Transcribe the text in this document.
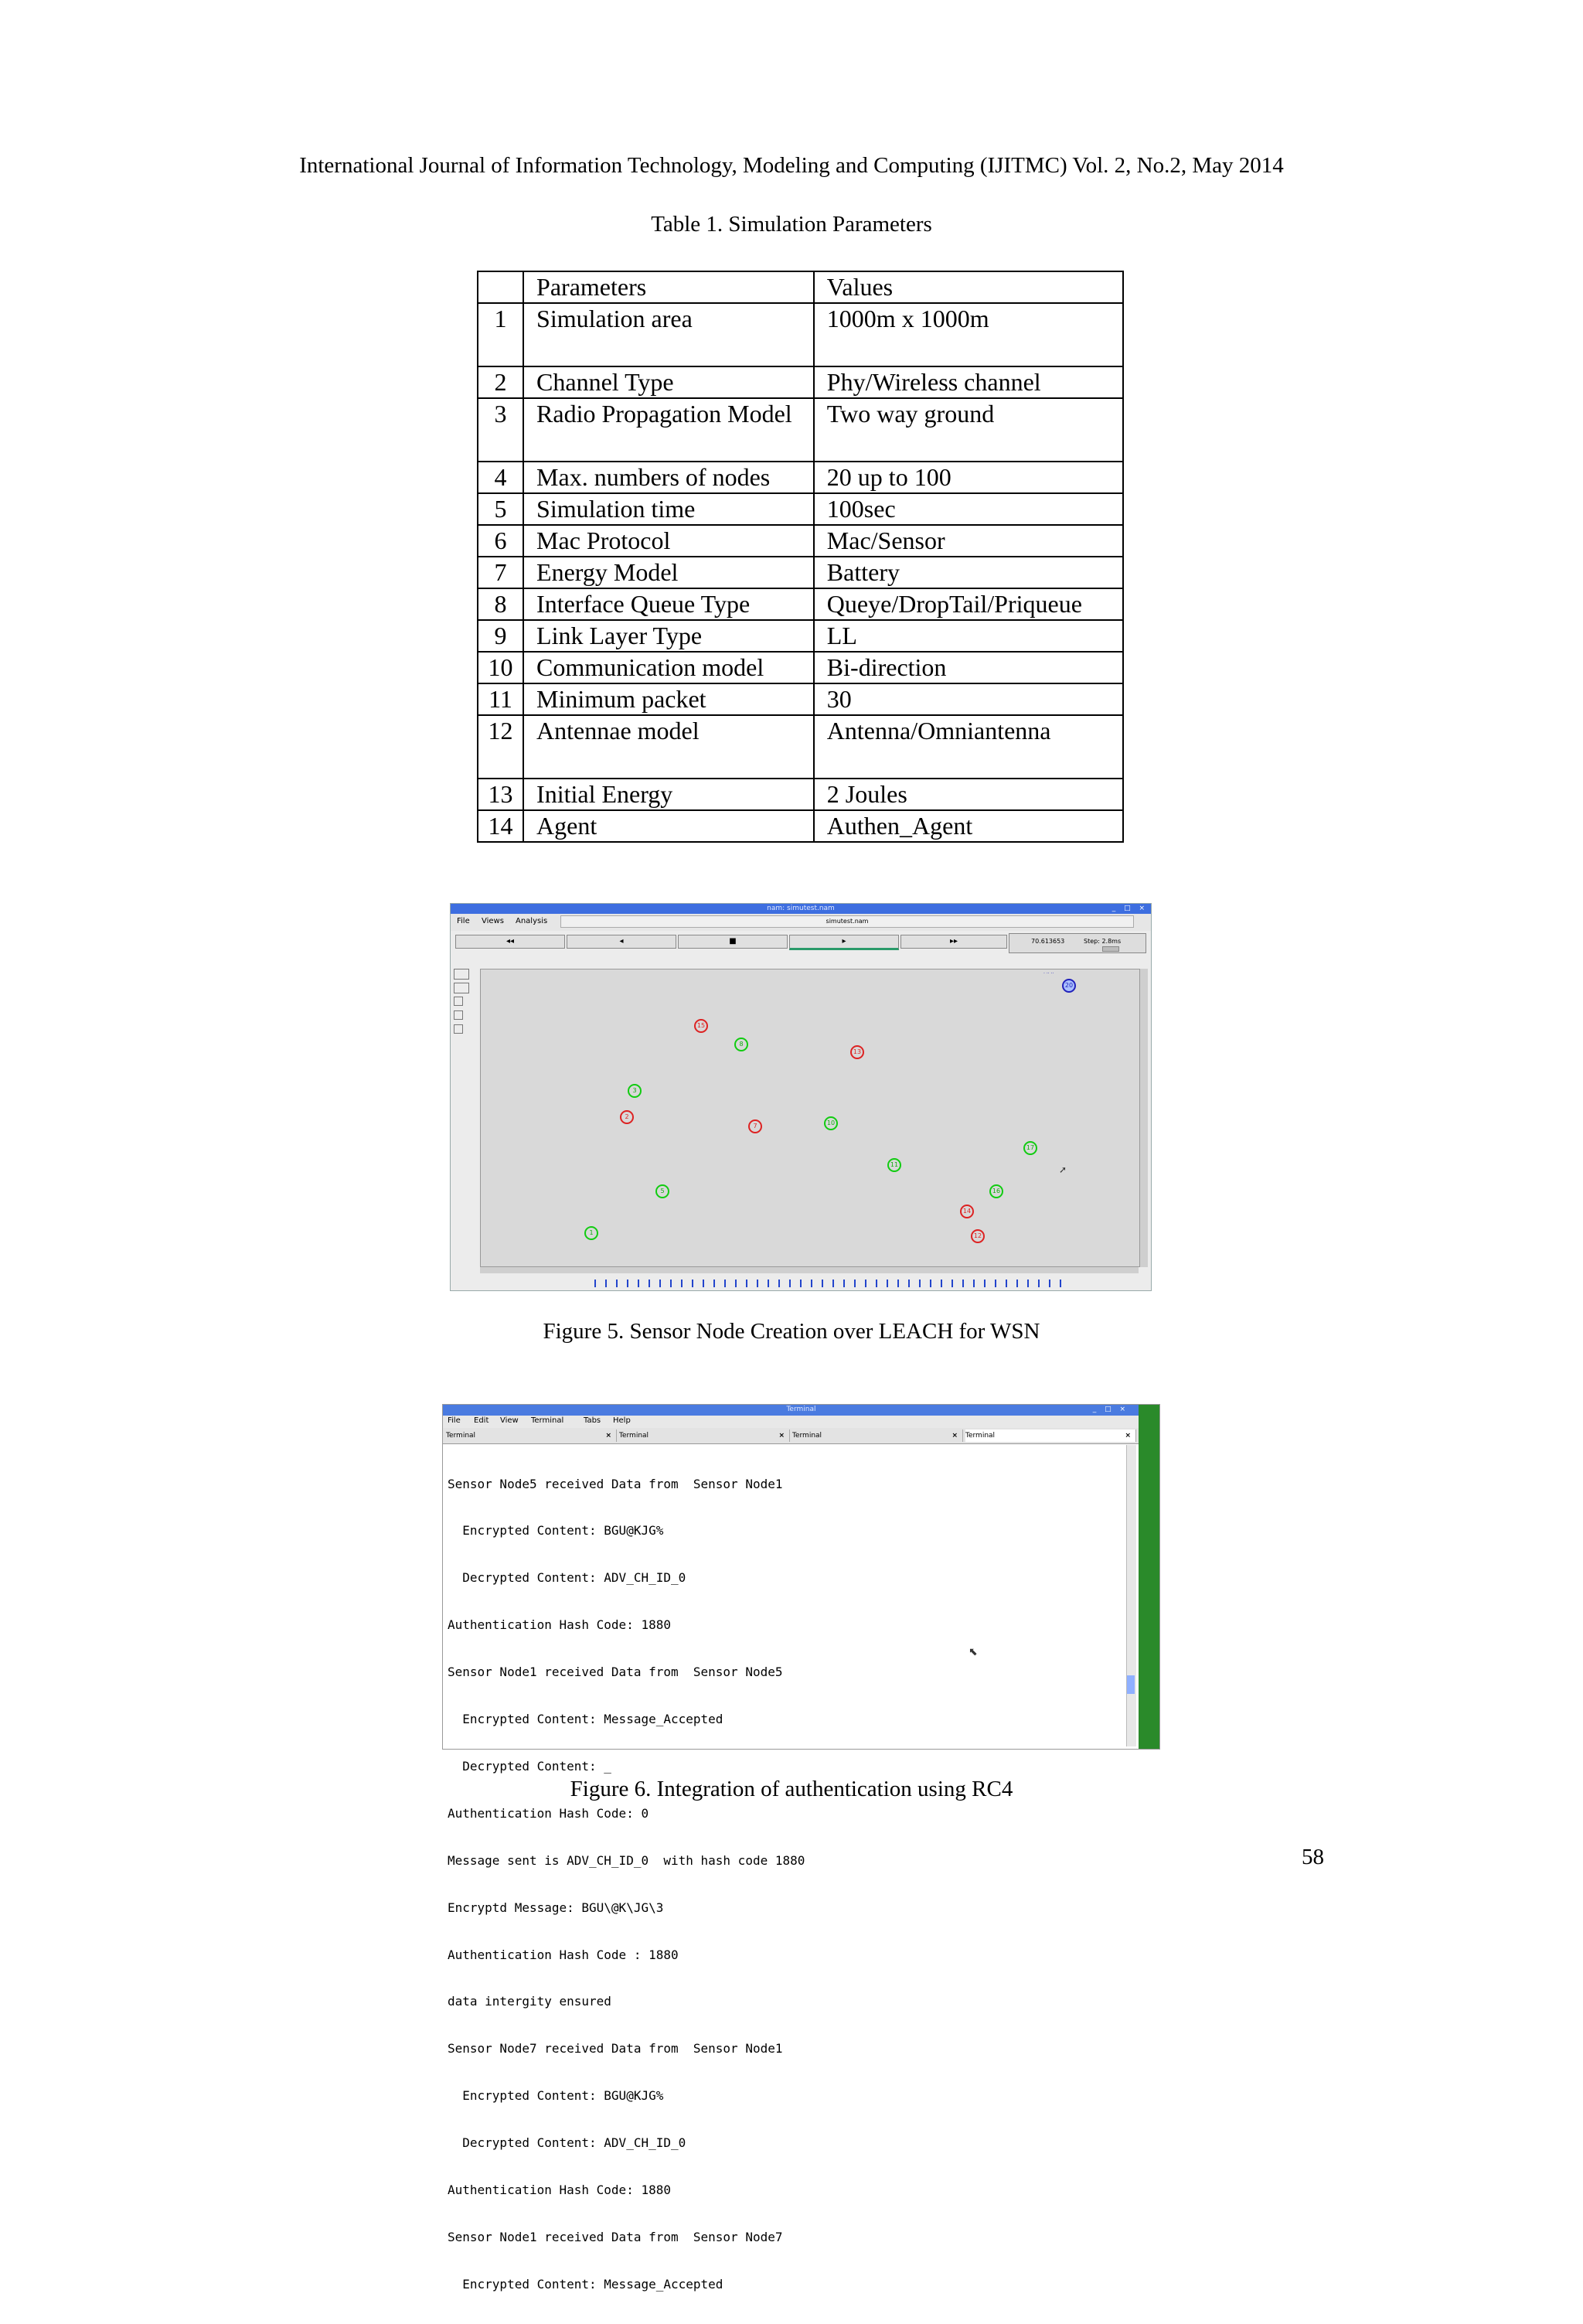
International Journal of Information Technology, Modeling and Computing (IJITMC) Vol. 2, No.2, May 2014
Table 1. Simulation Parameters
	Parameters	Values
1	Simulation area	1000m x 1000m
2	Channel Type	Phy/Wireless channel
3	Radio Propagation Model	Two way ground
4	Max. numbers of nodes	20 up to 100
5	Simulation time	100sec
6	Mac Protocol	Mac/Sensor
7	Energy Model	Battery
8	Interface Queue Type	Queye/DropTail/Priqueue
9	Link Layer Type	LL
10	Communication model	Bi-direction
11	Minimum packet	30
12	Antennae model	Antenna/Omniantenna
13	Initial Energy	2 Joules
14	Agent	Authen_Agent
nam: simutest.nam	_ □ ×
File Views Analysis	simutest.nam
◂◂	◂	■	▸	▸▸	70.613653	Step: 2.8ms
· ·· ··
20
15
8
13
3
2
7	10
17
11
5	16
14
12
1
➚
Figure 5. Sensor Node Creation over LEACH for WSN
Terminal	_ □ ×
File Edit View Terminal	Tabs Help
Terminal	× Terminal	× Terminal	× Terminal	×

Sensor Node5 received Data from  Sensor Node1

Encrypted Content: BGU@KJG%

Decrypted Content: ADV_CH_ID_0

Authentication Hash Code: 1880

Sensor Node1 received Data from  Sensor Node5

Encrypted Content: Message_Accepted

Decrypted Content: _

Authentication Hash Code: 0

Message sent is ADV_CH_ID_0  with hash code 1880

Encryptd Message: BGU\@K\JG\3

Authentication Hash Code : 1880

data intergity ensured

Sensor Node7 received Data from  Sensor Node1

Encrypted Content: BGU@KJG%

Decrypted Content: ADV_CH_ID_0

Authentication Hash Code: 1880

Sensor Node1 received Data from  Sensor Node7

Encrypted Content: Message_Accepted

⬉
Figure 6. Integration of authentication using RC4
58
